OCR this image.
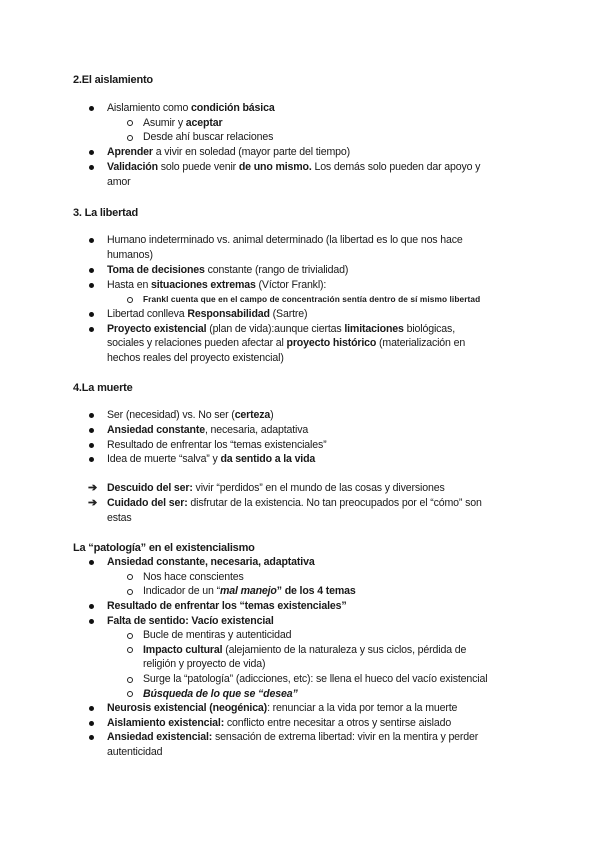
2.El aislamiento
Aislamiento como condición básica
Asumir y aceptar
Desde ahí buscar relaciones
Aprender a vivir en soledad (mayor parte del tiempo)
Validación solo puede venir de uno mismo. Los demás solo pueden dar apoyo y
amor
3. La libertad
Humano indeterminado vs. animal determinado (la libertad es lo que nos hace
humanos)
Toma de decisiones constante (rango de trivialidad)
Hasta en situaciones extremas (Víctor Frankl):
Frankl cuenta que en el campo de concentración sentía dentro de sí mismo libertad
Libertad conlleva Responsabilidad (Sartre)
Proyecto existencial (plan de vida):aunque ciertas limitaciones biológicas,
sociales y relaciones pueden afectar al proyecto histórico (materialización en
hechos reales del proyecto existencial)
4.La muerte
Ser (necesidad) vs. No ser (certeza)
Ansiedad constante, necesaria, adaptativa
Resultado de enfrentar los “temas existenciales”
Idea de muerte “salva” y da sentido a la vida
➔ Descuido del ser: vivir “perdidos” en el mundo de las cosas y diversiones
➔ Cuidado del ser: disfrutar de la existencia. No tan preocupados por el “cómo” son
estas
La “patología” en el existencialismo
Ansiedad constante, necesaria, adaptativa
Nos hace conscientes
Indicador de un “mal manejo” de los 4 temas
Resultado de enfrentar los “temas existenciales”
Falta de sentido: Vacío existencial
Bucle de mentiras y autenticidad
Impacto cultural (alejamiento de la naturaleza y sus ciclos, pérdida de
religión y proyecto de vida)
Surge la “patología” (adicciones, etc): se llena el hueco del vacío existencial
Búsqueda de lo que se “desea”
Neurosis existencial (neogénica): renunciar a la vida por temor a la muerte
Aislamiento existencial: conflicto entre necesitar a otros y sentirse aislado
Ansiedad existencial: sensación de extrema libertad: vivir en la mentira y perder
autenticidad
